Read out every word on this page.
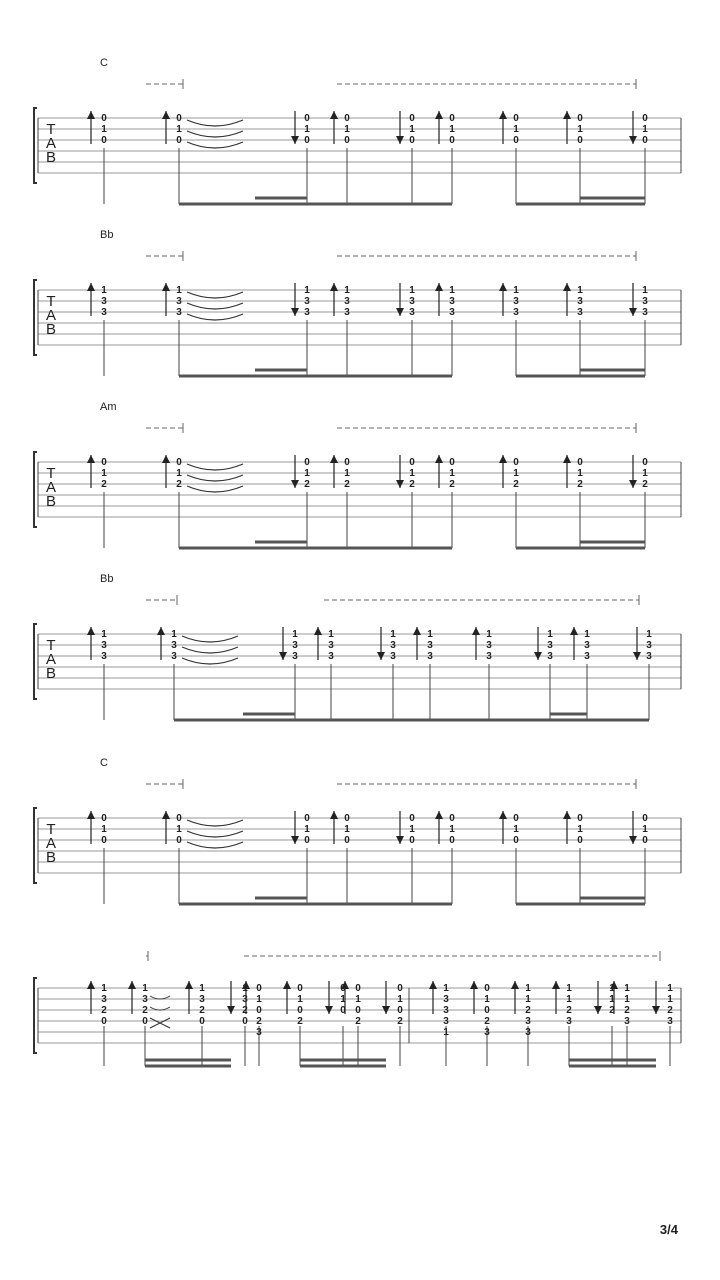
T
A
B
C
0
1
0
0
1
0
0
1
0
0
1
0
0
1
0
0
1
0
0
1
0
0
1
0
0
1
0
T
A
B
Bb
1
3
3
1
3
3
1
3
3
1
3
3
1
3
3
1
3
3
1
3
3
1
3
3
1
3
3
T
A
B
Am
0
1
2
0
1
2
0
1
2
0
1
2
0
1
2
0
1
2
0
1
2
0
1
2
0
1
2
T
A
B
Bb
1
3
3
1
3
3
1
3
3
1
3
3
1
3
3
1
3
3
1
3
3
1
3
3
1
3
3
1
3
3
T
A
B
C
0
1
0
0
1
0
0
1
0
0
1
0
0
1
0
0
1
0
0
1
0
0
1
0
0
1
0
1
3
2
0
1
3
2
0
1
3
2
0
1
3
2
0
0
1
0
2
3
0
1
0
2
0
1
0
0
1
0
2
0
1
0
2
1
3
3
3
1
0
1
0
2
3
1
1
2
3
3
1
1
2
3
1
1
2
1
1
2
3
1
1
2
3
3/4
